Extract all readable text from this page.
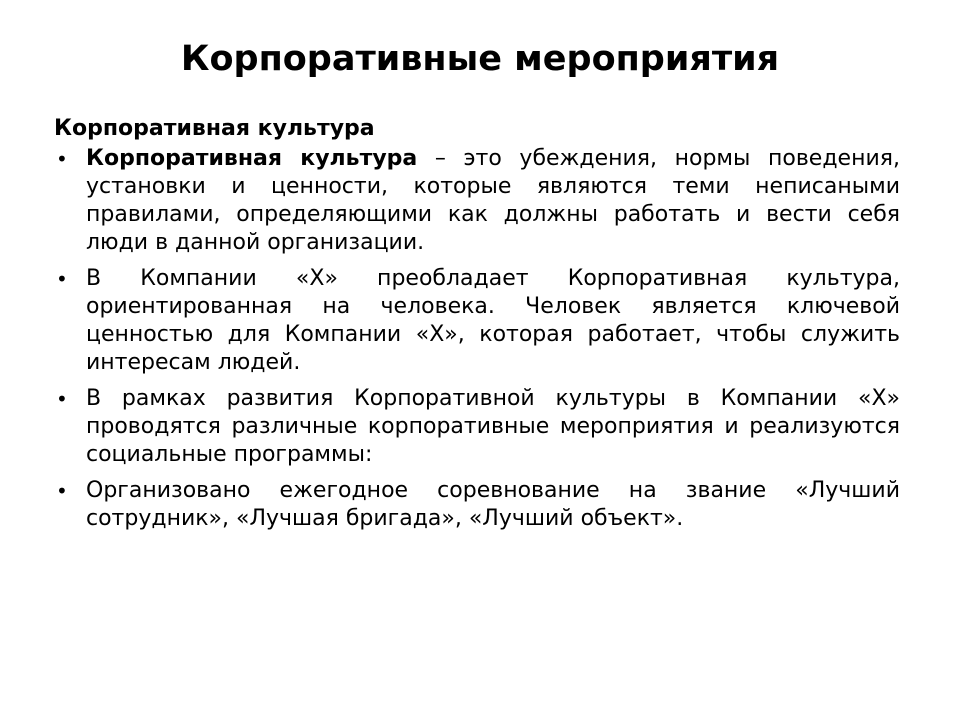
Корпоративные мероприятия
Корпоративная культура
• Корпоративная культура – это убеждения, нормы поведения, установки и ценности, которые являются теми неписаными правилами, определяющими как должны работать и вести себя люди в данной организации.
• В Компании «Х» преобладает Корпоративная культура, ориентированная на человека. Человек является ключевой ценностью для Компании «Х», которая работает, чтобы служить интересам людей.
• В рамках развития Корпоративной культуры в Компании «Х» проводятся различные корпоративные мероприятия и реализуются социальные программы:
• Организовано ежегодное соревнование на звание «Лучший сотрудник», «Лучшая бригада», «Лучший объект».
